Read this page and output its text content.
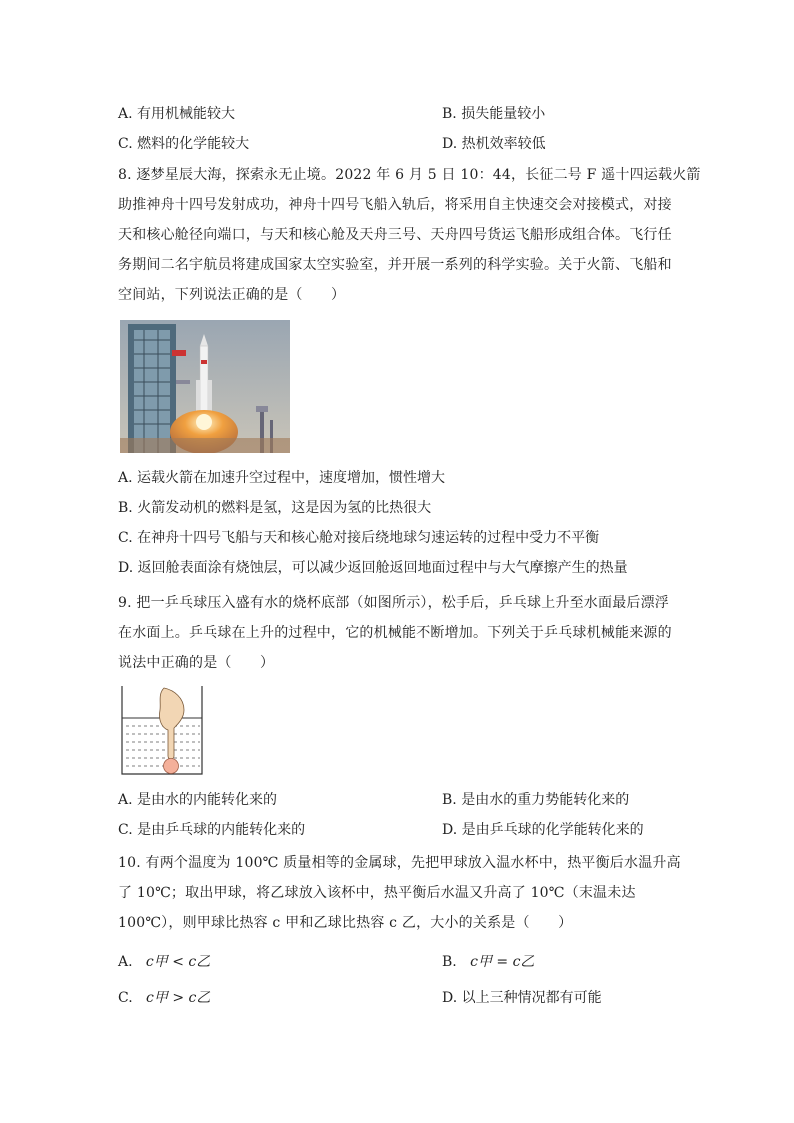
A. 有用机械能较大	B. 损失能量较小
C. 燃料的化学能较大	D. 热机效率较低
8. 逐梦星辰大海，探索永无止境。2022 年 6 月 5 日 10：44，长征二号 F 遥十四运载火箭
助推神舟十四号发射成功，神舟十四号飞船入轨后，将采用自主快速交会对接模式，对接
天和核心舱径向端口，与天和核心舱及天舟三号、天舟四号货运飞船形成组合体。飞行任
务期间二名宇航员将建成国家太空实验室，并开展一系列的科学实验。关于火箭、飞船和
空间站，下列说法正确的是（　　）
A. 运载火箭在加速升空过程中，速度增加，惯性增大
B. 火箭发动机的燃料是氢，这是因为氢的比热很大
C. 在神舟十四号飞船与天和核心舱对接后绕地球匀速运转的过程中受力不平衡
D. 返回舱表面涂有烧蚀层，可以减少返回舱返回地面过程中与大气摩擦产生的热量
9. 把一乒乓球压入盛有水的烧杯底部（如图所示），松手后，乒乓球上升至水面最后漂浮
在水面上。乒乓球在上升的过程中，它的机械能不断增加。下列关于乒乓球机械能来源的
说法中正确的是（　　）
A. 是由水的内能转化来的	B. 是由水的重力势能转化来的
C. 是由乒乓球的内能转化来的	D. 是由乒乓球的化学能转化来的
10. 有两个温度为 100℃ 质量相等的金属球，先把甲球放入温水杯中，热平衡后水温升高
了 10℃；取出甲球，将乙球放入该杯中，热平衡后水温又升高了 10℃（末温未达
100℃），则甲球比热容 c 甲和乙球比热容 c 乙，大小的关系是（　　）
A. c甲 < c乙	B. c甲 = c乙
C. c甲 > c乙	D. 以上三种情况都有可能
